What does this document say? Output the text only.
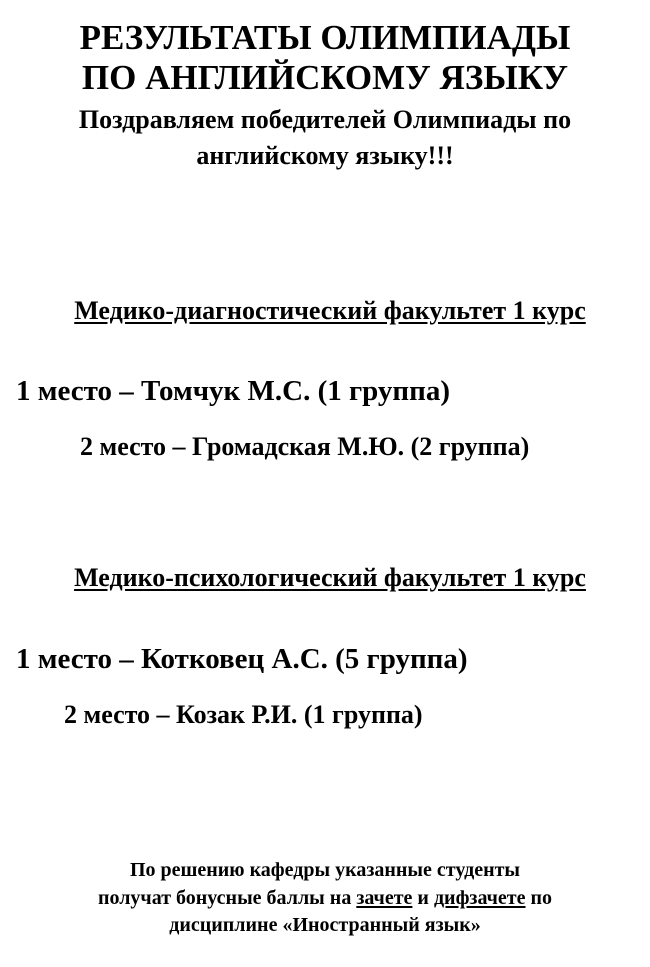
РЕЗУЛЬТАТЫ ОЛИМПИАДЫ
ПО АНГЛИЙСКОМУ ЯЗЫКУ
Поздравляем победителей Олимпиады по
английскому языку!!!
Медико-диагностический факультет 1 курс
1 место – Томчук М.С. (1 группа)
2 место – Громадская М.Ю. (2 группа)
Медико-психологический факультет 1 курс
1 место – Котковец А.С. (5 группа)
2 место – Козак Р.И. (1 группа)
По решению кафедры указанные студенты
получат бонусные баллы на зачете и дифзачете по
дисциплине «Иностранный язык»
